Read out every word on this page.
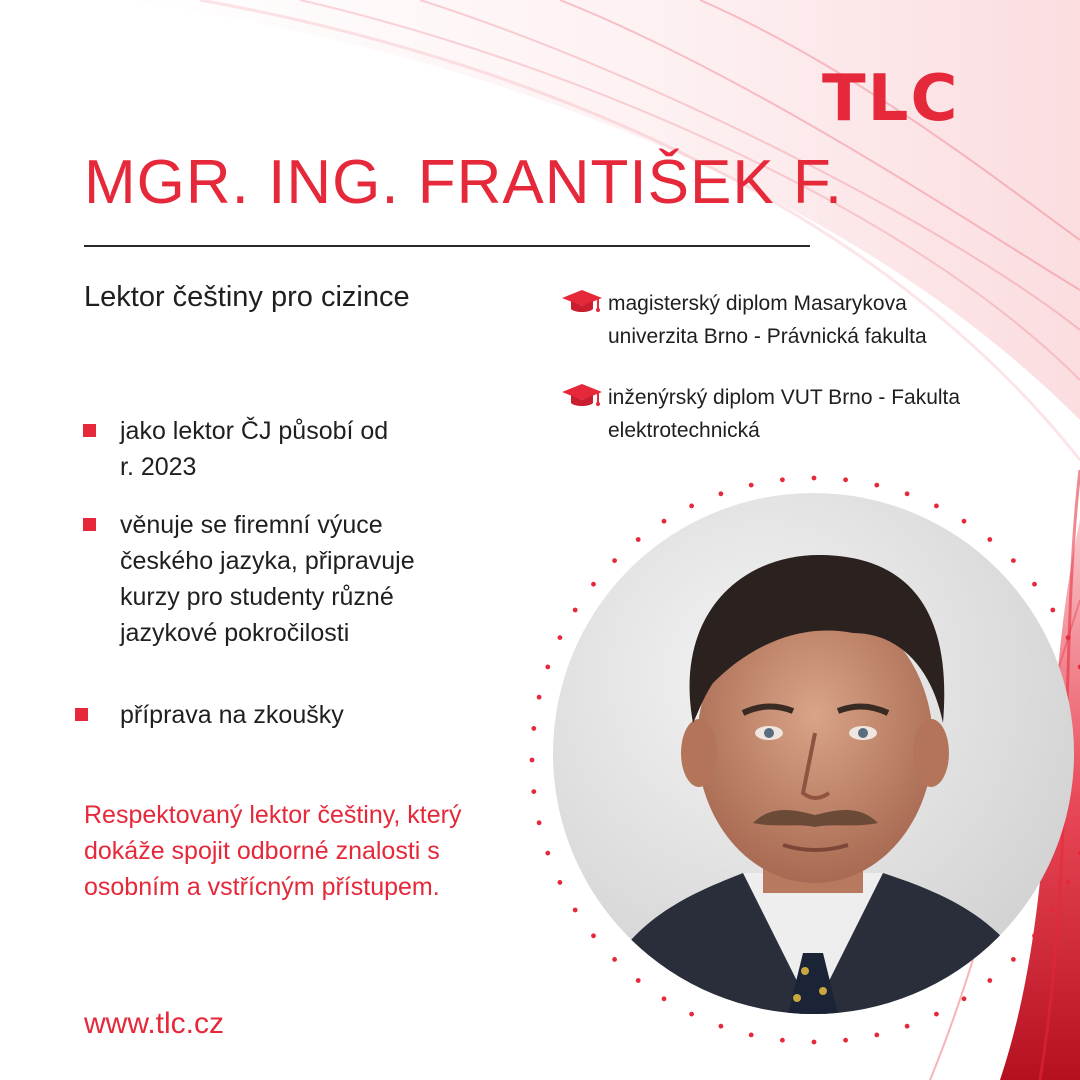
TLC
MGR. ING. FRANTIŠEK F.
Lektor češtiny pro cizince
jako lektor ČJ působí od r. 2023
věnuje se firemní výuce českého jazyka, připravuje kurzy pro studenty různé jazykové pokročilosti
příprava na zkoušky
magisterský diplom Masarykova univerzita Brno - Právnická fakulta
inženýrský diplom VUT Brno - Fakulta elektrotechnická
Respektovaný lektor češtiny, který dokáže spojit odborné znalosti s osobním a vstřícným přístupem.
www.tlc.cz
